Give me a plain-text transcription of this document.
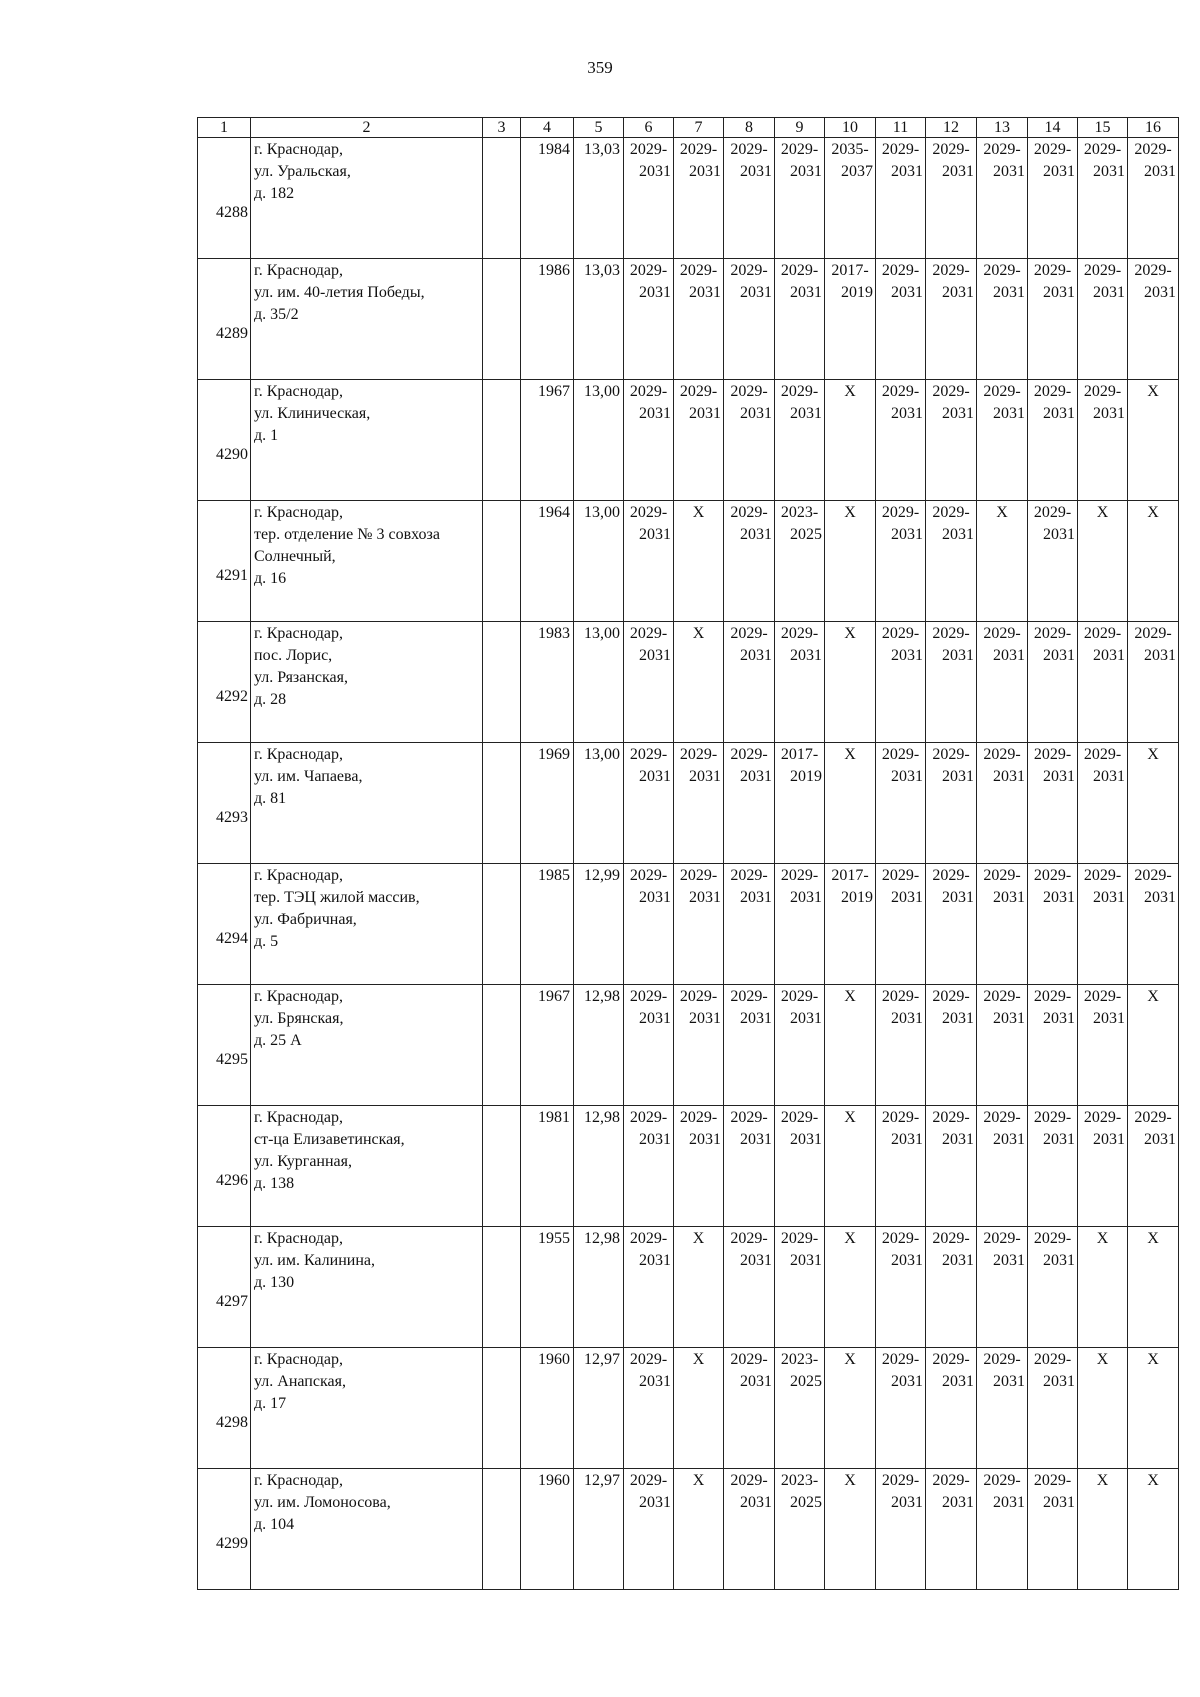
359
1	2	3	4	5	6	7	8	9	10	11	12	13	14	15	16
4288	г. Краснодар,
ул. Уральская,
д. 182		1984	13,03	2029-
2031	2029-
2031	2029-
2031	2029-
2031	2035-
2037	2029-
2031	2029-
2031	2029-
2031	2029-
2031	2029-
2031	2029-
2031

4289	г. Краснодар,
ул. им. 40-летия Победы,
д. 35/2		1986	13,03	2029-
2031	2029-
2031	2029-
2031	2029-
2031	2017-
2019	2029-
2031	2029-
2031	2029-
2031	2029-
2031	2029-
2031	2029-
2031

4290	г. Краснодар,
ул. Клиническая,
д. 1		1967	13,00	2029-
2031	2029-
2031	2029-
2031	2029-
2031	X	2029-
2031	2029-
2031	2029-
2031	2029-
2031	2029-
2031	X
4291	г. Краснодар,
тер. отделение № 3 совхоза
Солнечный,
д. 16		1964	13,00	2029-
2031	X	2029-
2031	2023-
2025	X	2029-
2031	2029-
2031	X	2029-
2031	X	X
4292	г. Краснодар,
пос. Лорис,
ул. Рязанская,
д. 28		1983	13,00	2029-
2031	X	2029-
2031	2029-
2031	X	2029-
2031	2029-
2031	2029-
2031	2029-
2031	2029-
2031	2029-
2031

4293	г. Краснодар,
ул. им. Чапаева,
д. 81		1969	13,00	2029-
2031	2029-
2031	2029-
2031	2017-
2019	X	2029-
2031	2029-
2031	2029-
2031	2029-
2031	2029-
2031	X
4294	г. Краснодар,
тер. ТЭЦ жилой массив,
ул. Фабричная,
д. 5		1985	12,99	2029-
2031	2029-
2031	2029-
2031	2029-
2031	2017-
2019	2029-
2031	2029-
2031	2029-
2031	2029-
2031	2029-
2031	2029-
2031

4295	г. Краснодар,
ул. Брянская,
д. 25 А		1967	12,98	2029-
2031	2029-
2031	2029-
2031	2029-
2031	X	2029-
2031	2029-
2031	2029-
2031	2029-
2031	2029-
2031	X
4296	г. Краснодар,
ст-ца Елизаветинская,
ул. Курганная,
д. 138		1981	12,98	2029-
2031	2029-
2031	2029-
2031	2029-
2031	X	2029-
2031	2029-
2031	2029-
2031	2029-
2031	2029-
2031	2029-
2031

4297	г. Краснодар,
ул. им. Калинина,
д. 130		1955	12,98	2029-
2031	X	2029-
2031	2029-
2031	X	2029-
2031	2029-
2031	2029-
2031	2029-
2031	X	X
4298	г. Краснодар,
ул. Анапская,
д. 17		1960	12,97	2029-
2031	X	2029-
2031	2023-
2025	X	2029-
2031	2029-
2031	2029-
2031	2029-
2031	X	X
4299	г. Краснодар,
ул. им. Ломоносова,
д. 104		1960	12,97	2029-
2031	X	2029-
2031	2023-
2025	X	2029-
2031	2029-
2031	2029-
2031	2029-
2031	X	X
